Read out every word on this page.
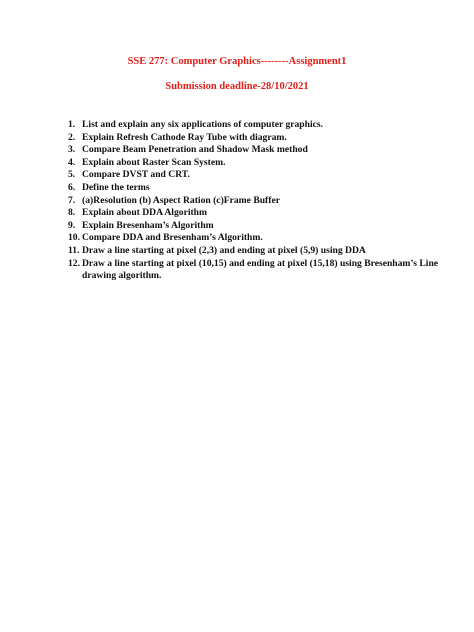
SSE 277: Computer Graphics--------Assignment1
Submission deadline-28/10/2021
1. List and explain any six applications of computer graphics.
2. Explain Refresh Cathode Ray Tube with diagram.
3. Compare Beam Penetration and Shadow Mask method
4. Explain about Raster Scan System.
5. Compare DVST and CRT.
6. Define the terms
7. (a)Resolution (b) Aspect Ration (c)Frame Buffer
8. Explain about DDA Algorithm
9. Explain Bresenham’s Algorithm
10. Compare DDA and Bresenham’s Algorithm.
11. Draw a line starting at pixel (2,3) and ending at pixel (5,9) using DDA
12. Draw a line starting at pixel (10,15) and ending at pixel (15,18) using Bresenham’s Line drawing algorithm.
